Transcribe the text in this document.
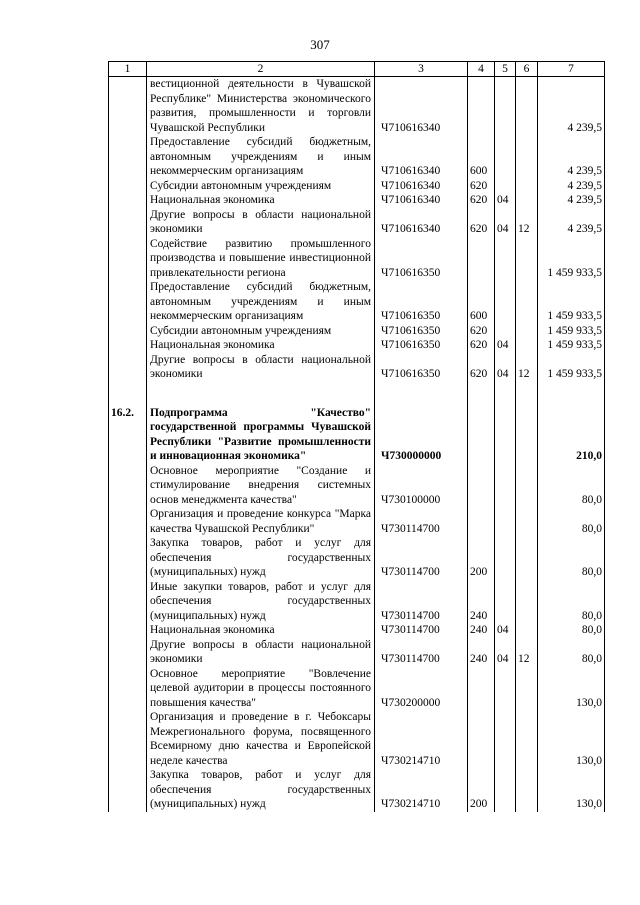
307
1	2	3	4	5	6	7
	вестиционной деятельности в Чувашской Республике" Министерства экономического развития, промышленности и торговли Чувашской Республики	Ч710616340				4 239,5
	Предоставление субсидий бюджетным, автономным учреждениям и иным некоммерческим организациям	Ч710616340	600			4 239,5
	Субсидии автономным учреждениям	Ч710616340	620			4 239,5
	Национальная экономика	Ч710616340	620	04		4 239,5
	Другие вопросы в области национальной экономики	Ч710616340	620	04	12	4 239,5
	Содействие развитию промышленного производства и повышение инвестиционной привлекательности региона	Ч710616350				1 459 933,5
	Предоставление субсидий бюджетным, автономным учреждениям и иным некоммерческим организациям	Ч710616350	600			1 459 933,5
	Субсидии автономным учреждениям	Ч710616350	620			1 459 933,5
	Национальная экономика	Ч710616350	620	04		1 459 933,5
	Другие вопросы в области национальной экономики	Ч710616350	620	04	12	1 459 933,5

16.2.	Подпрограмма "Качество" государственной программы Чувашской Республики "Развитие промышленности и инновационная экономика"	Ч730000000				210,0
	Основное мероприятие "Создание и стимулирование внедрения системных основ менеджмента качества"	Ч730100000				80,0
	Организация и проведение конкурса "Марка качества Чувашской Республики"	Ч730114700				80,0
	Закупка товаров, работ и услуг для обеспечения государственных (муниципальных) нужд	Ч730114700	200			80,0
	Иные закупки товаров, работ и услуг для обеспечения государственных (муниципальных) нужд	Ч730114700	240			80,0
	Национальная экономика	Ч730114700	240	04		80,0
	Другие вопросы в области национальной экономики	Ч730114700	240	04	12	80,0
	Основное мероприятие "Вовлечение целевой аудитории в процессы постоянного повышения качества"	Ч730200000				130,0
	Организация и проведение в г. Чебоксары Межрегионального форума, посвященного Всемирному дню качества и Европейской неделе качества	Ч730214710				130,0
	Закупка товаров, работ и услуг для обеспечения государственных (муниципальных) нужд	Ч730214710	200			130,0
